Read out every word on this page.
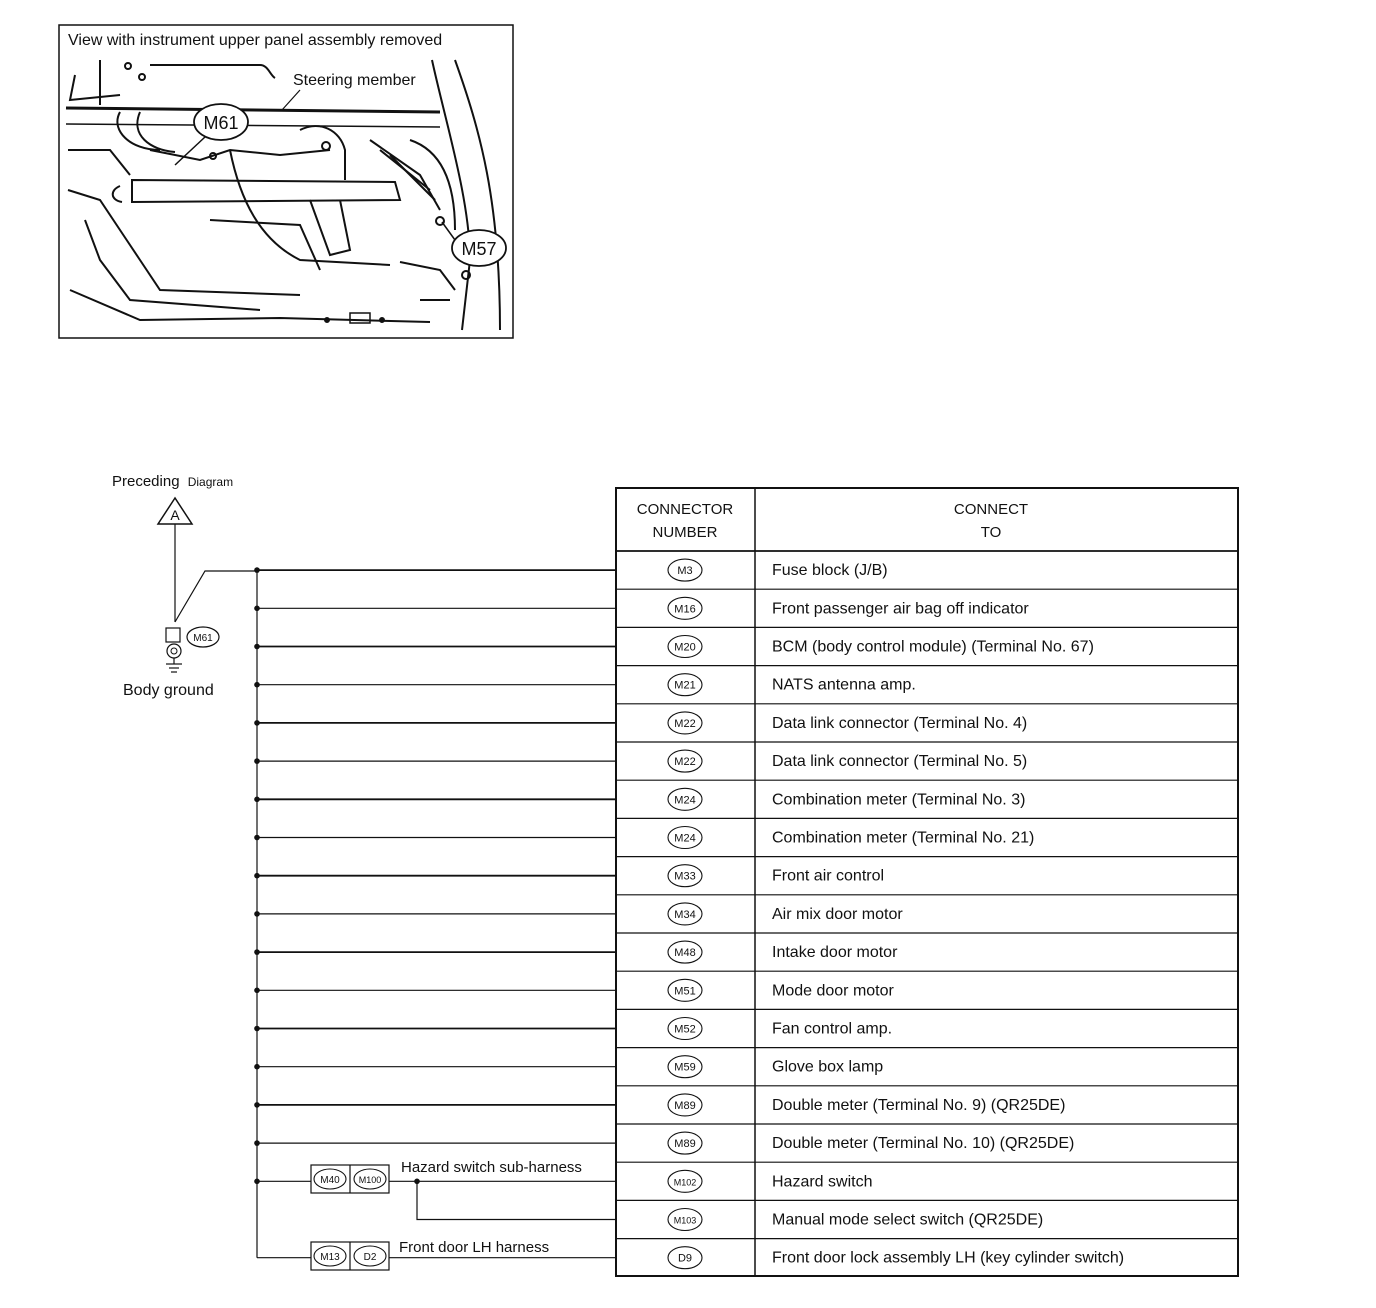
View with instrument upper panel assembly removed
Steering member
M61
M57
Preceding Diagram
A
M61
Body ground
M40 M100
Hazard switch sub-harness
M13 D2
Front door LH harness
CONNECTOR
NUMBER
CONNECT
TO
M3	Fuse block (J/B)
M16	Front passenger air bag off indicator
M20	BCM (body control module) (Terminal No. 67)
M21	NATS antenna amp.
M22	Data link connector (Terminal No. 4)
M22	Data link connector (Terminal No. 5)
M24	Combination meter (Terminal No. 3)
M24	Combination meter (Terminal No. 21)
M33	Front air control
M34	Air mix door motor
M48	Intake door motor
M51	Mode door motor
M52	Fan control amp.
M59	Glove box lamp
M89	Double meter (Terminal No. 9) (QR25DE)
M89	Double meter (Terminal No. 10) (QR25DE)
M102	Hazard switch
M103	Manual mode select switch (QR25DE)
D9	Front door lock assembly LH (key cylinder switch)
